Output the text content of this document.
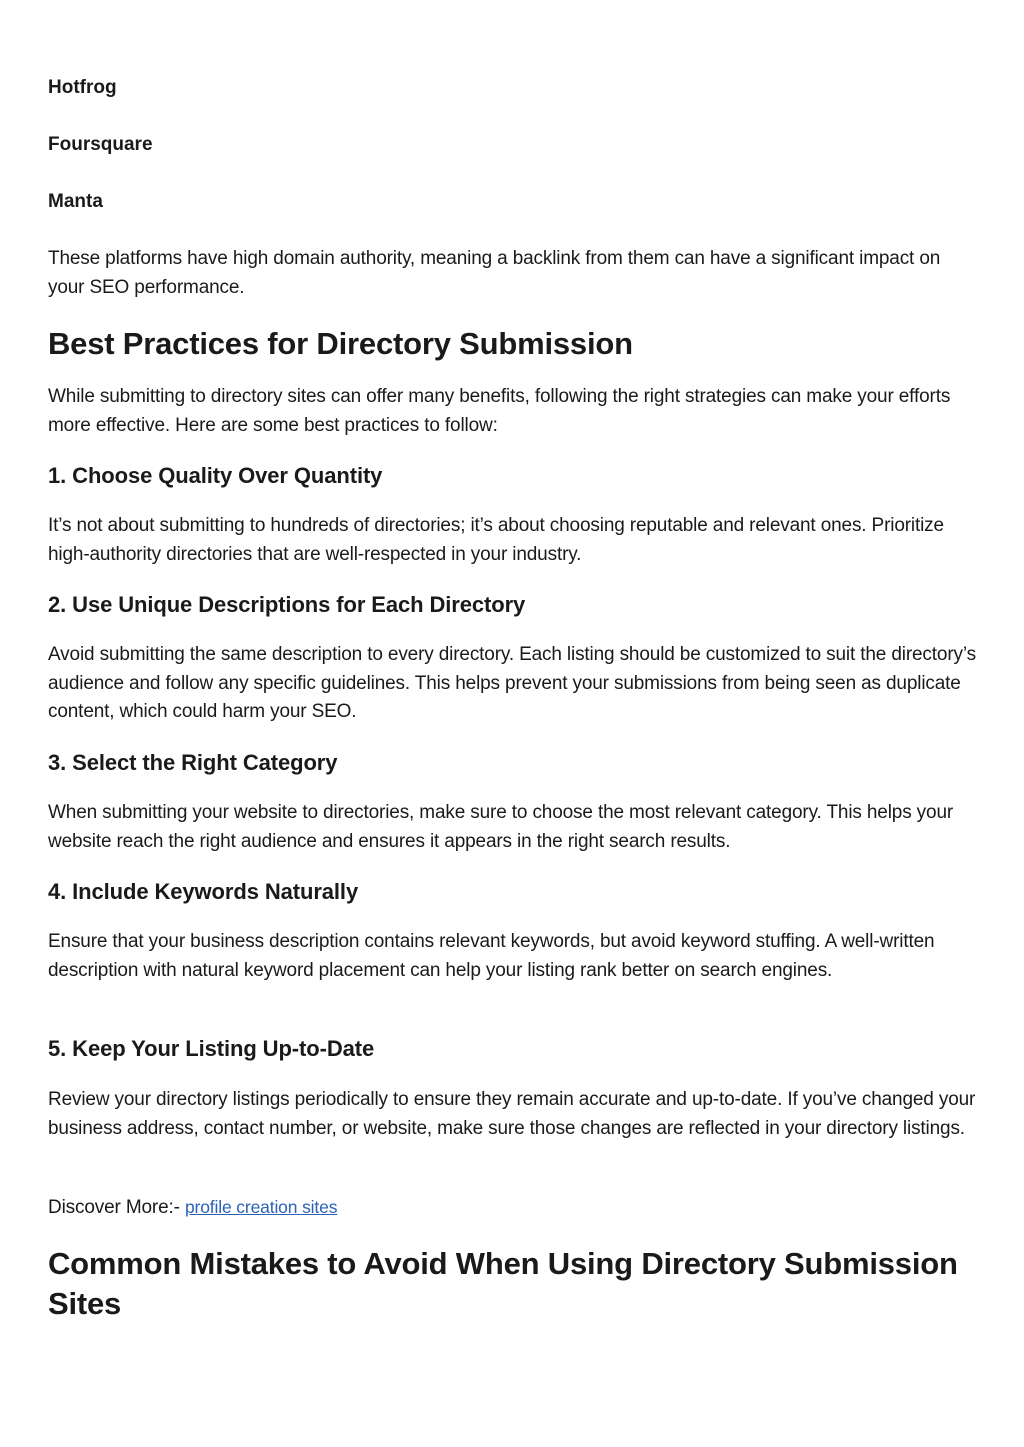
Hotfrog

Foursquare

Manta

These platforms have high domain authority, meaning a backlink from them can have a significant impact on your SEO performance.

Best Practices for Directory Submission

While submitting to directory sites can offer many benefits, following the right strategies can make your efforts more effective. Here are some best practices to follow:

1. Choose Quality Over Quantity

It’s not about submitting to hundreds of directories; it’s about choosing reputable and relevant ones. Prioritize high-authority directories that are well-respected in your industry.

2. Use Unique Descriptions for Each Directory

Avoid submitting the same description to every directory. Each listing should be customized to suit the directory’s audience and follow any specific guidelines. This helps prevent your submissions from being seen as duplicate content, which could harm your SEO.

3. Select the Right Category

When submitting your website to directories, make sure to choose the most relevant category. This helps your website reach the right audience and ensures it appears in the right search results.

4. Include Keywords Naturally

Ensure that your business description contains relevant keywords, but avoid keyword stuffing. A well-written description with natural keyword placement can help your listing rank better on search engines.

5. Keep Your Listing Up-to-Date

Review your directory listings periodically to ensure they remain accurate and up-to-date. If you’ve changed your business address, contact number, or website, make sure those changes are reflected in your directory listings.

Discover More:- profile creation sites

Common Mistakes to Avoid When Using Directory Submission Sites
